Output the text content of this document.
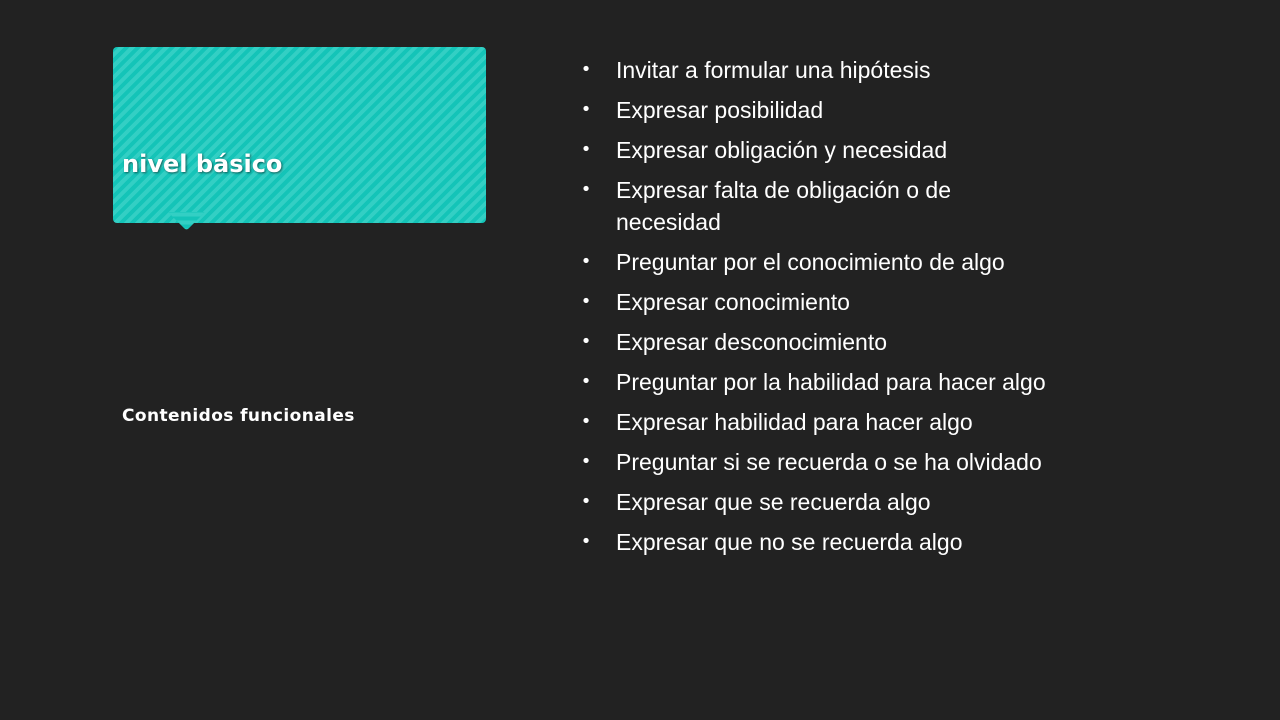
nivel básico

Contenidos funcionales

• Invitar a formular una hipótesis
• Expresar posibilidad
• Expresar obligación y necesidad
• Expresar falta de obligación o de necesidad
• Preguntar por el conocimiento de algo
• Expresar conocimiento
• Expresar desconocimiento
• Preguntar por la habilidad para hacer algo
• Expresar habilidad para hacer algo
• Preguntar si se recuerda o se ha olvidado
• Expresar que se recuerda algo
• Expresar que no se recuerda algo
